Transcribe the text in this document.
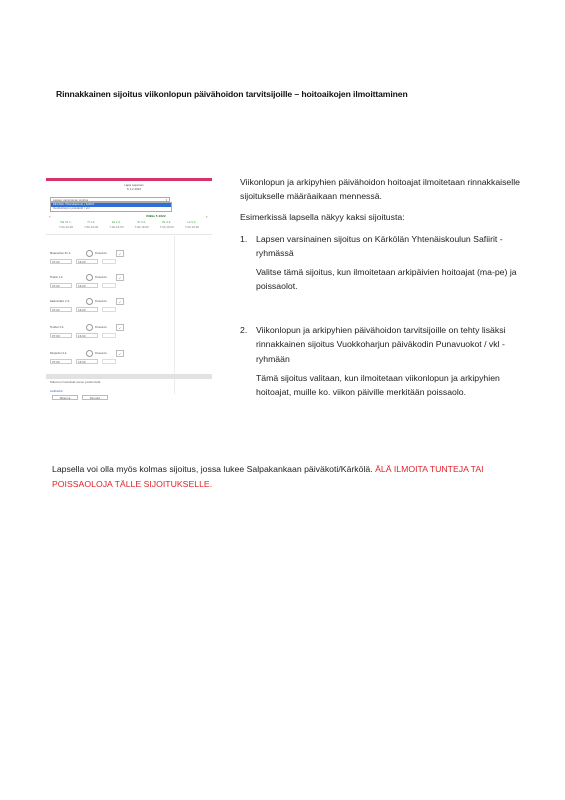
Rinnakkainen sijoitus viikonlopun päivähoidon tarvitsijoille – hoitoaikojen ilmoittaminen
Lapsi Lapsinen
ti 1.2.2022
Lapsen varsinainen sijoitus	▾
Kärkölän Yhtenäiskoulu / Safiirit
Vuokkoharjun päiväkoti / vkl
‹	›
Viikko 5 2022
Ma 31.1.	Ti 1.2.	Ke 2.2.	To 3.2.	Pe 4.2.	La 5.2.
7:00-16:00	7:00-16:00	7:00-16:00	7:00-16:00	7:00-16:00	7:00-16:00
Maanantai 31.1.	Poissaolo	✓
07:00	16:00
Tiistai 1.2.	Poissaolo	✓
07:00	16:00
Keskiviikko 2.2.	Poissaolo	✓
07:00	16:00
Torstai 3.2.	Poissaolo	✓
07:00	16:00
Perjantai 4.2.	Poissaolo	✓
07:00	16:00
Tallenna muutokset ennen poistumista
Lisätiedot
Tallenna	Peruuta

Viikonlopun ja arkipyhien päivähoidon hoitoajat ilmoitetaan rinnakkaiselle sijoitukselle määräaikaan mennessä.

Esimerkissä lapsella näkyy kaksi sijoitusta:

1.	Lapsen varsinainen sijoitus on Kärkölän Yhtenäiskoulun Safiirit -ryhmässä
Valitse tämä sijoitus, kun ilmoitetaan arkipäivien hoitoajat (ma-pe) ja poissaolot.
2.	Viikonlopun ja arkipyhien päivähoidon tarvitsijoille on tehty lisäksi rinnakkainen sijoitus Vuokkoharjun päiväkodin Punavuokot / vkl -ryhmään
Tämä sijoitus valitaan, kun ilmoitetaan viikonlopun ja arkipyhien hoitoajat, muille ko. viikon päiville merkitään poissaolo.
Lapsella voi olla myös kolmas sijoitus, jossa lukee Salpakankaan päiväkoti/Kärkölä. ÄLÄ ILMOITA TUNTEJA TAI POISSAOLOJA TÄLLE SIJOITUKSELLE.
